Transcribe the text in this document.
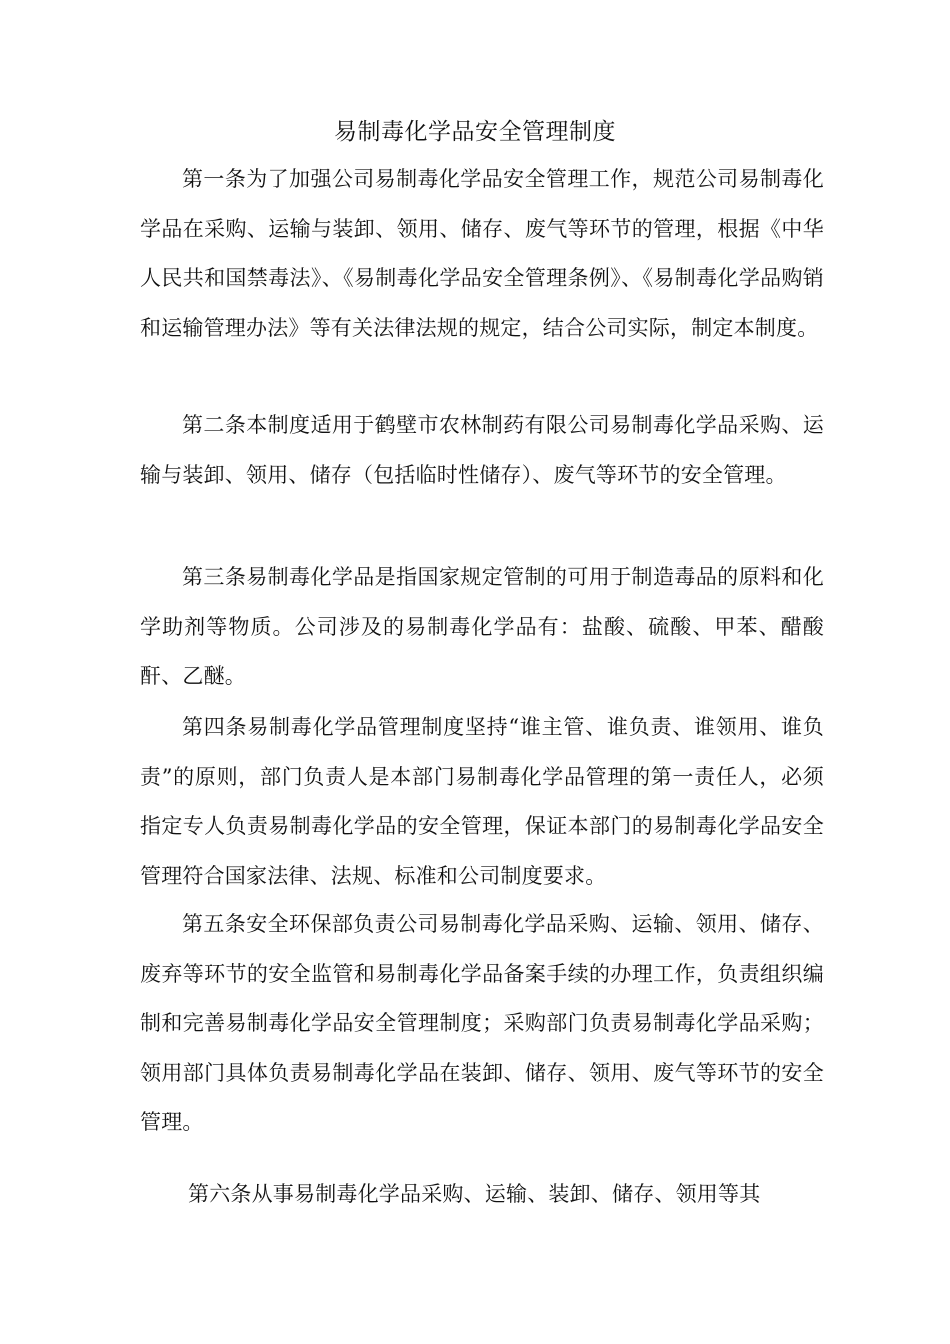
易制毒化学品安全管理制度

第一条为了加强公司易制毒化学品安全管理工作，规范公司易制毒化学品在采购、运输与装卸、领用、储存、废气等环节的管理，根据《中华人民共和国禁毒法》、《易制毒化学品安全管理条例》、《易制毒化学品购销和运输管理办法》等有关法律法规的规定，结合公司实际，制定本制度。

第二条本制度适用于鹤壁市农林制药有限公司易制毒化学品采购、运输与装卸、领用、储存（包括临时性储存）、废气等环节的安全管理。

第三条易制毒化学品是指国家规定管制的可用于制造毒品的原料和化学助剂等物质。公司涉及的易制毒化学品有：盐酸、硫酸、甲苯、醋酸酐、乙醚。

第四条易制毒化学品管理制度坚持“谁主管、谁负责、谁领用、谁负责”的原则，部门负责人是本部门易制毒化学品管理的第一责任人，必须指定专人负责易制毒化学品的安全管理，保证本部门的易制毒化学品安全管理符合国家法律、法规、标准和公司制度要求。

第五条安全环保部负责公司易制毒化学品采购、运输、领用、储存、废弃等环节的安全监管和易制毒化学品备案手续的办理工作，负责组织编制和完善易制毒化学品安全管理制度；采购部门负责易制毒化学品采购；领用部门具体负责易制毒化学品在装卸、储存、领用、废气等环节的安全管理。

第六条从事易制毒化学品采购、运输、装卸、储存、领用等其
